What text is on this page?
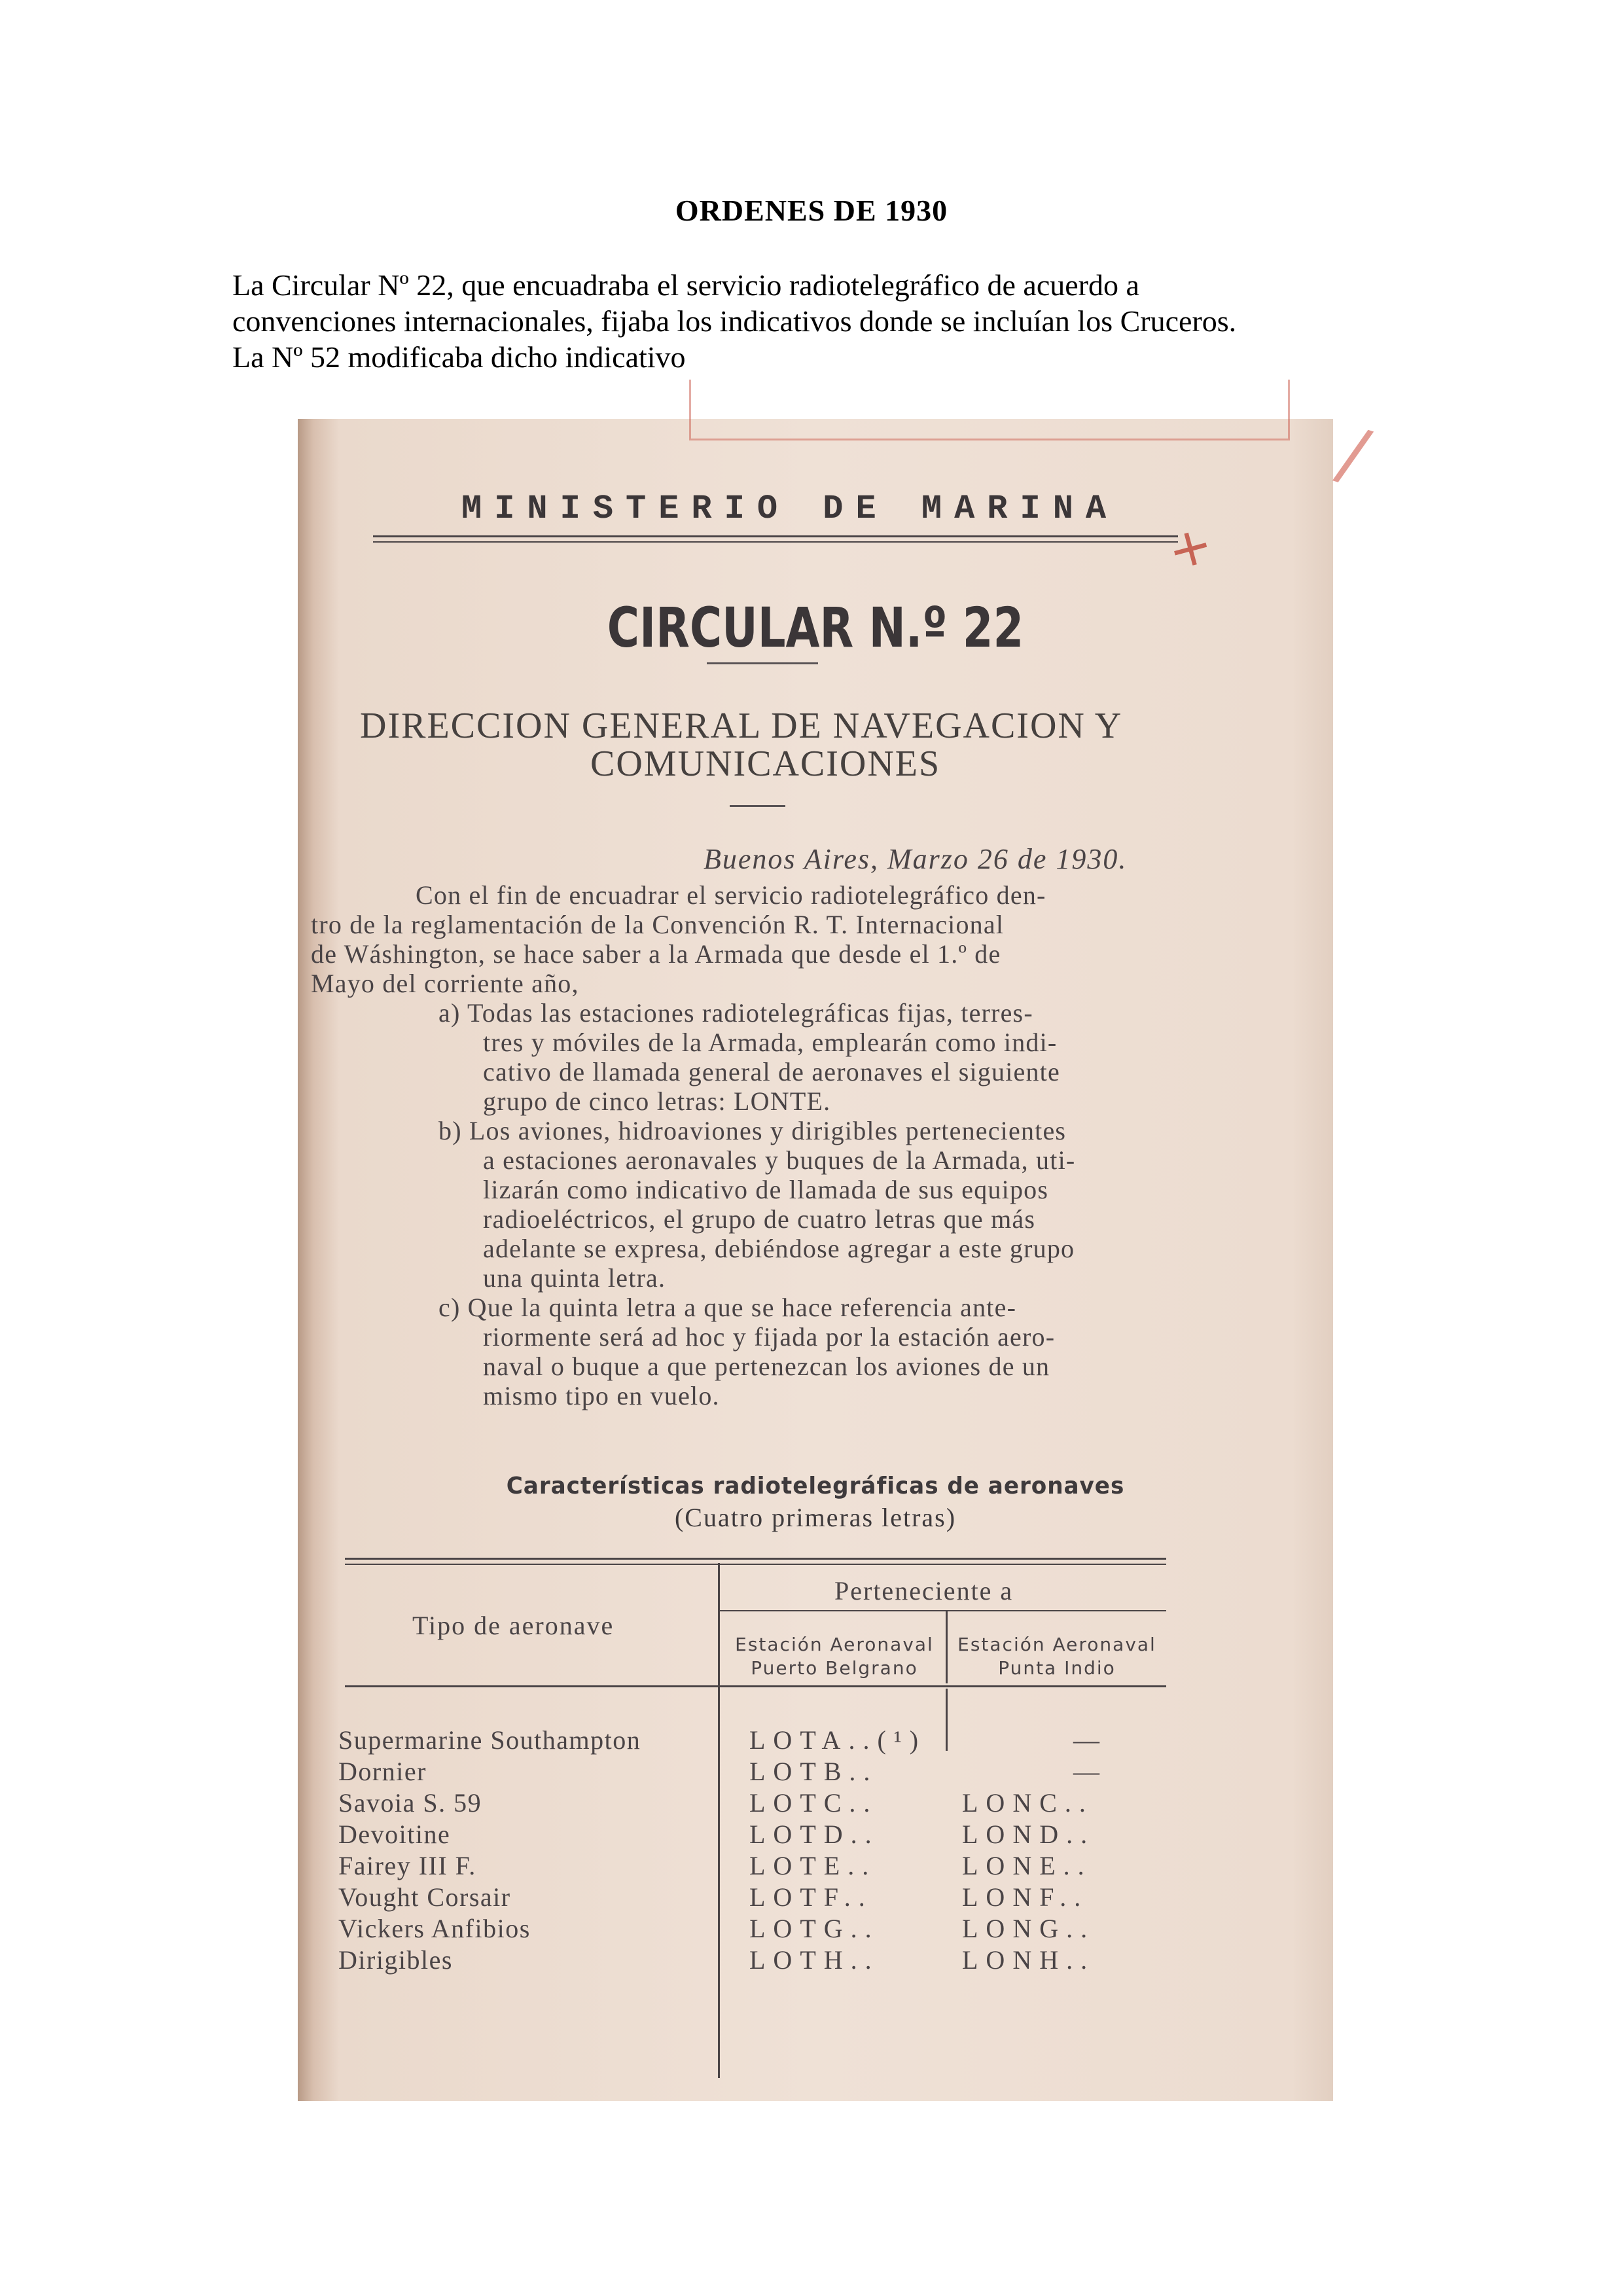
ORDENES DE 1930
La Circular Nº 22, que encuadraba el servicio radiotelegráfico de acuerdo a
convenciones internacionales, fijaba los indicativos donde se incluían los Cruceros.
La Nº 52 modificaba dicho indicativo
/
MINISTERIO DE MARINA
+
CIRCULAR N.º 22
DIRECCION GENERAL DE NAVEGACION Y
COMUNICACIONES
Buenos Aires, Marzo 26 de 1930.
Con el fin de encuadrar el servicio radiotelegráfico den-
tro de la reglamentación de la Convención R. T. Internacional
de Wáshington, se hace saber a la Armada que desde el 1.º de
Mayo del corriente año,
a) Todas las estaciones radiotelegráficas fijas, terres-
tres y móviles de la Armada, emplearán como indi-
cativo de llamada general de aeronaves el siguiente
grupo de cinco letras: LONTE.
b) Los aviones, hidroaviones y dirigibles pertenecientes
a estaciones aeronavales y buques de la Armada, uti-
lizarán como indicativo de llamada de sus equipos
radioeléctricos, el grupo de cuatro letras que más
adelante se expresa, debiéndose agregar a este grupo
una quinta letra.
c) Que la quinta letra a que se hace referencia ante-
riormente será ad hoc y fijada por la estación aero-
naval o buque a que pertenezcan los aviones de un
mismo tipo en vuelo.
Características radiotelegráficas de aeronaves
(Cuatro primeras letras)
Tipo de aeronave
Perteneciente a
Estación Aeronaval
Puerto Belgrano
Estación Aeronaval
Punta Indio
Supermarine Southampton	LOTA..(¹)	—
Dornier	LOTB..	—
Savoia S. 59	LOTC..	LONC..
Devoitine	LOTD..	LOND..
Fairey III F.	LOTE..	LONE..
Vought Corsair	LOTF..	LONF..
Vickers Anfibios	LOTG..	LONG..
Dirigibles	LOTH..	LONH..
